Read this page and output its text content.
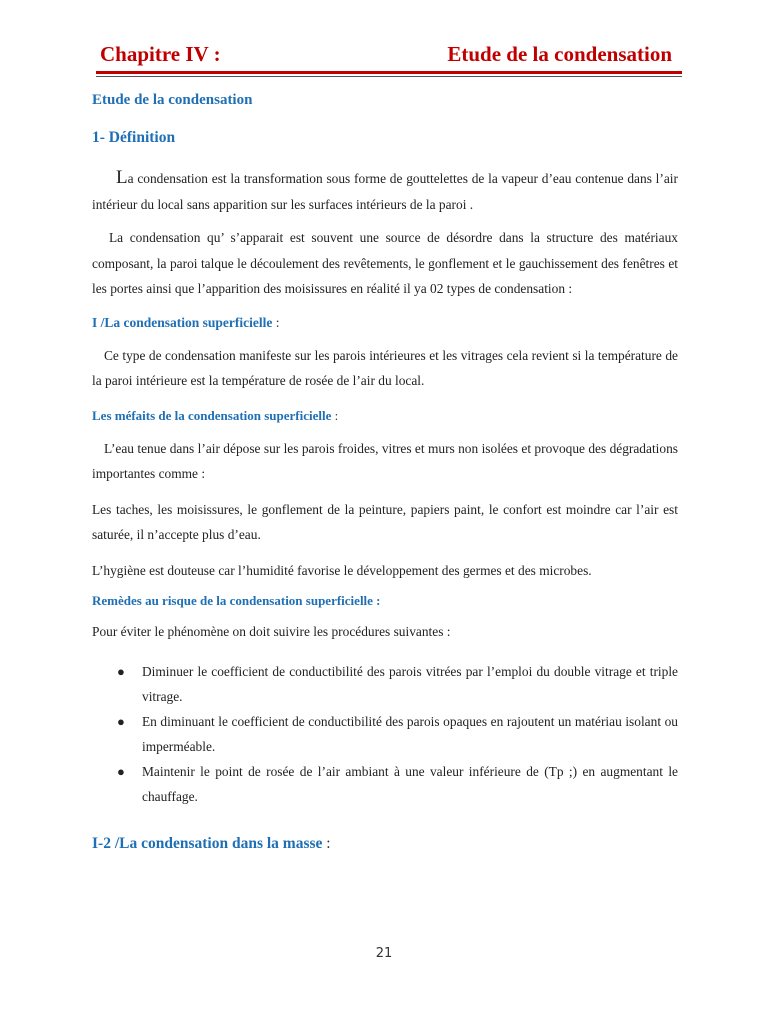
Chapitre IV :	Etude de la condensation
Etude de la condensation
1- Définition

La condensation est la transformation sous forme de gouttelettes de la vapeur d’eau contenue dans l’air intérieur du local sans apparition sur les surfaces intérieurs de la paroi .

La condensation qu’ s’apparait est souvent une source de désordre dans la structure des matériaux composant, la paroi talque le découlement des revêtements, le gonflement et le gauchissement des fenêtres et les portes ainsi que l’apparition des moisissures en réalité il ya 02 types de condensation :

I /La condensation superficielle :

Ce type de condensation manifeste sur les parois intérieures et les vitrages cela revient si la température de la paroi intérieure est la température de rosée de l’air du local.

Les méfaits de la condensation superficielle :

L’eau tenue dans l’air dépose sur les parois froides, vitres et murs non isolées et provoque des dégradations importantes comme :

Les taches, les moisissures, le gonflement de la peinture, papiers paint, le confort est moindre car l’air est saturée, il n’accepte plus d’eau.

L’hygiène est douteuse car l’humidité favorise le développement des germes et des microbes.

Remèdes au risque de la condensation superficielle :

Pour éviter le phénomène on doit suivire les procédures suivantes :

● Diminuer le coefficient de conductibilité des parois vitrées par l’emploi du double vitrage et triple vitrage.
● En diminuant le coefficient de conductibilité des parois opaques en rajoutent un matériau isolant ou imperméable.
● Maintenir le point de rosée de l’air ambiant à une valeur inférieure de (Tp ;) en augmentant le chauffage.
I-2 /La condensation dans la masse :
21
